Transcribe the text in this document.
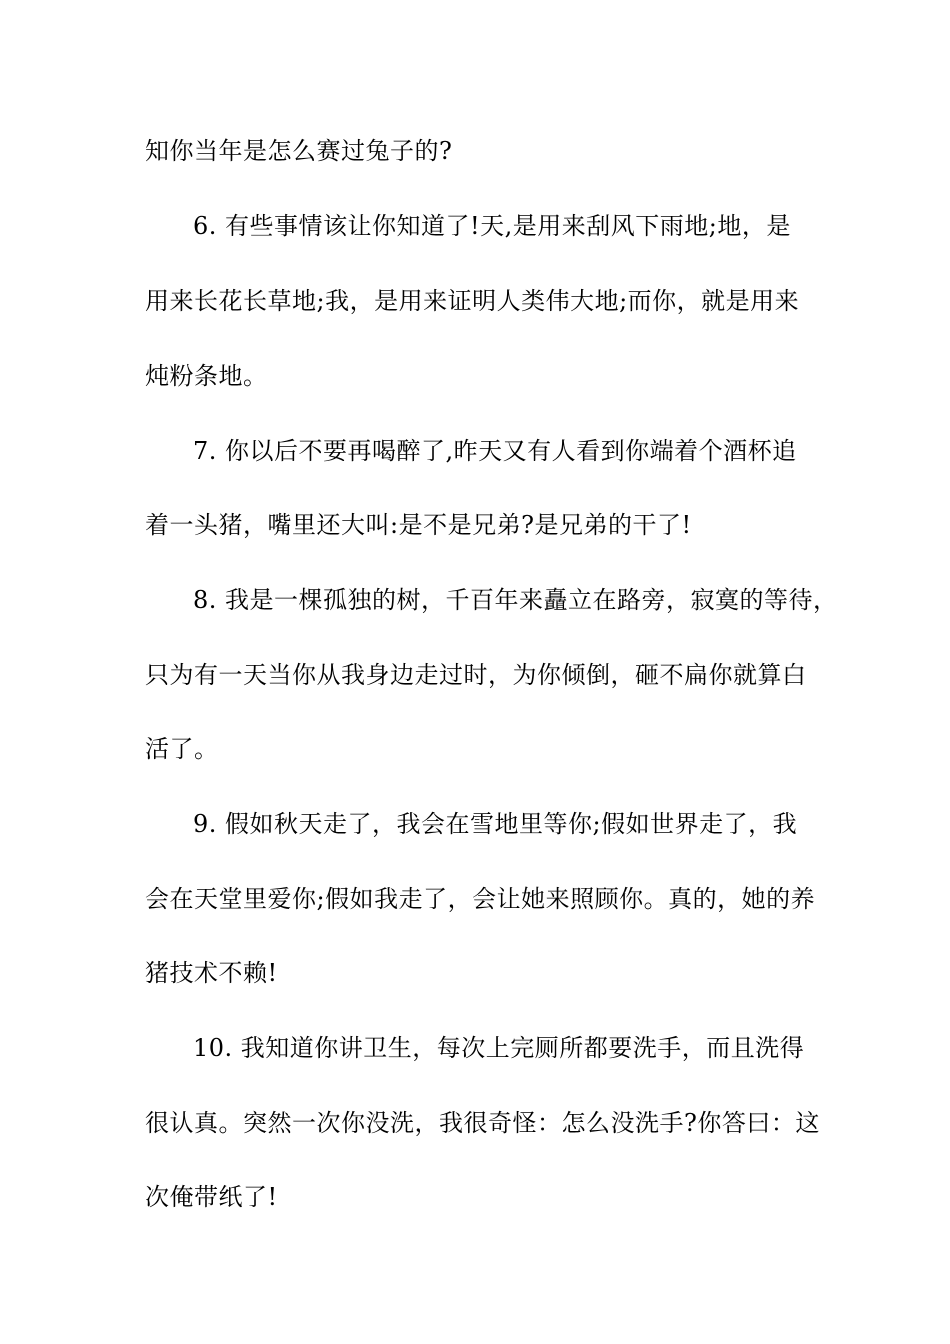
知你当年是怎么赛过兔子的?
6. 有些事情该让你知道了!天,是用来刮风下雨地;地，是
用来长花长草地;我，是用来证明人类伟大地;而你，就是用来
炖粉条地。
7. 你以后不要再喝醉了,昨天又有人看到你端着个酒杯追
着一头猪，嘴里还大叫:是不是兄弟?是兄弟的干了!
8. 我是一棵孤独的树，千百年来矗立在路旁，寂寞的等待，
只为有一天当你从我身边走过时，为你倾倒，砸不扁你就算白
活了。
9. 假如秋天走了，我会在雪地里等你;假如世界走了，我
会在天堂里爱你;假如我走了，会让她来照顾你。真的，她的养
猪技术不赖!
10. 我知道你讲卫生，每次上完厕所都要洗手，而且洗得
很认真。突然一次你没洗，我很奇怪：怎么没洗手?你答曰：这
次俺带纸了!
